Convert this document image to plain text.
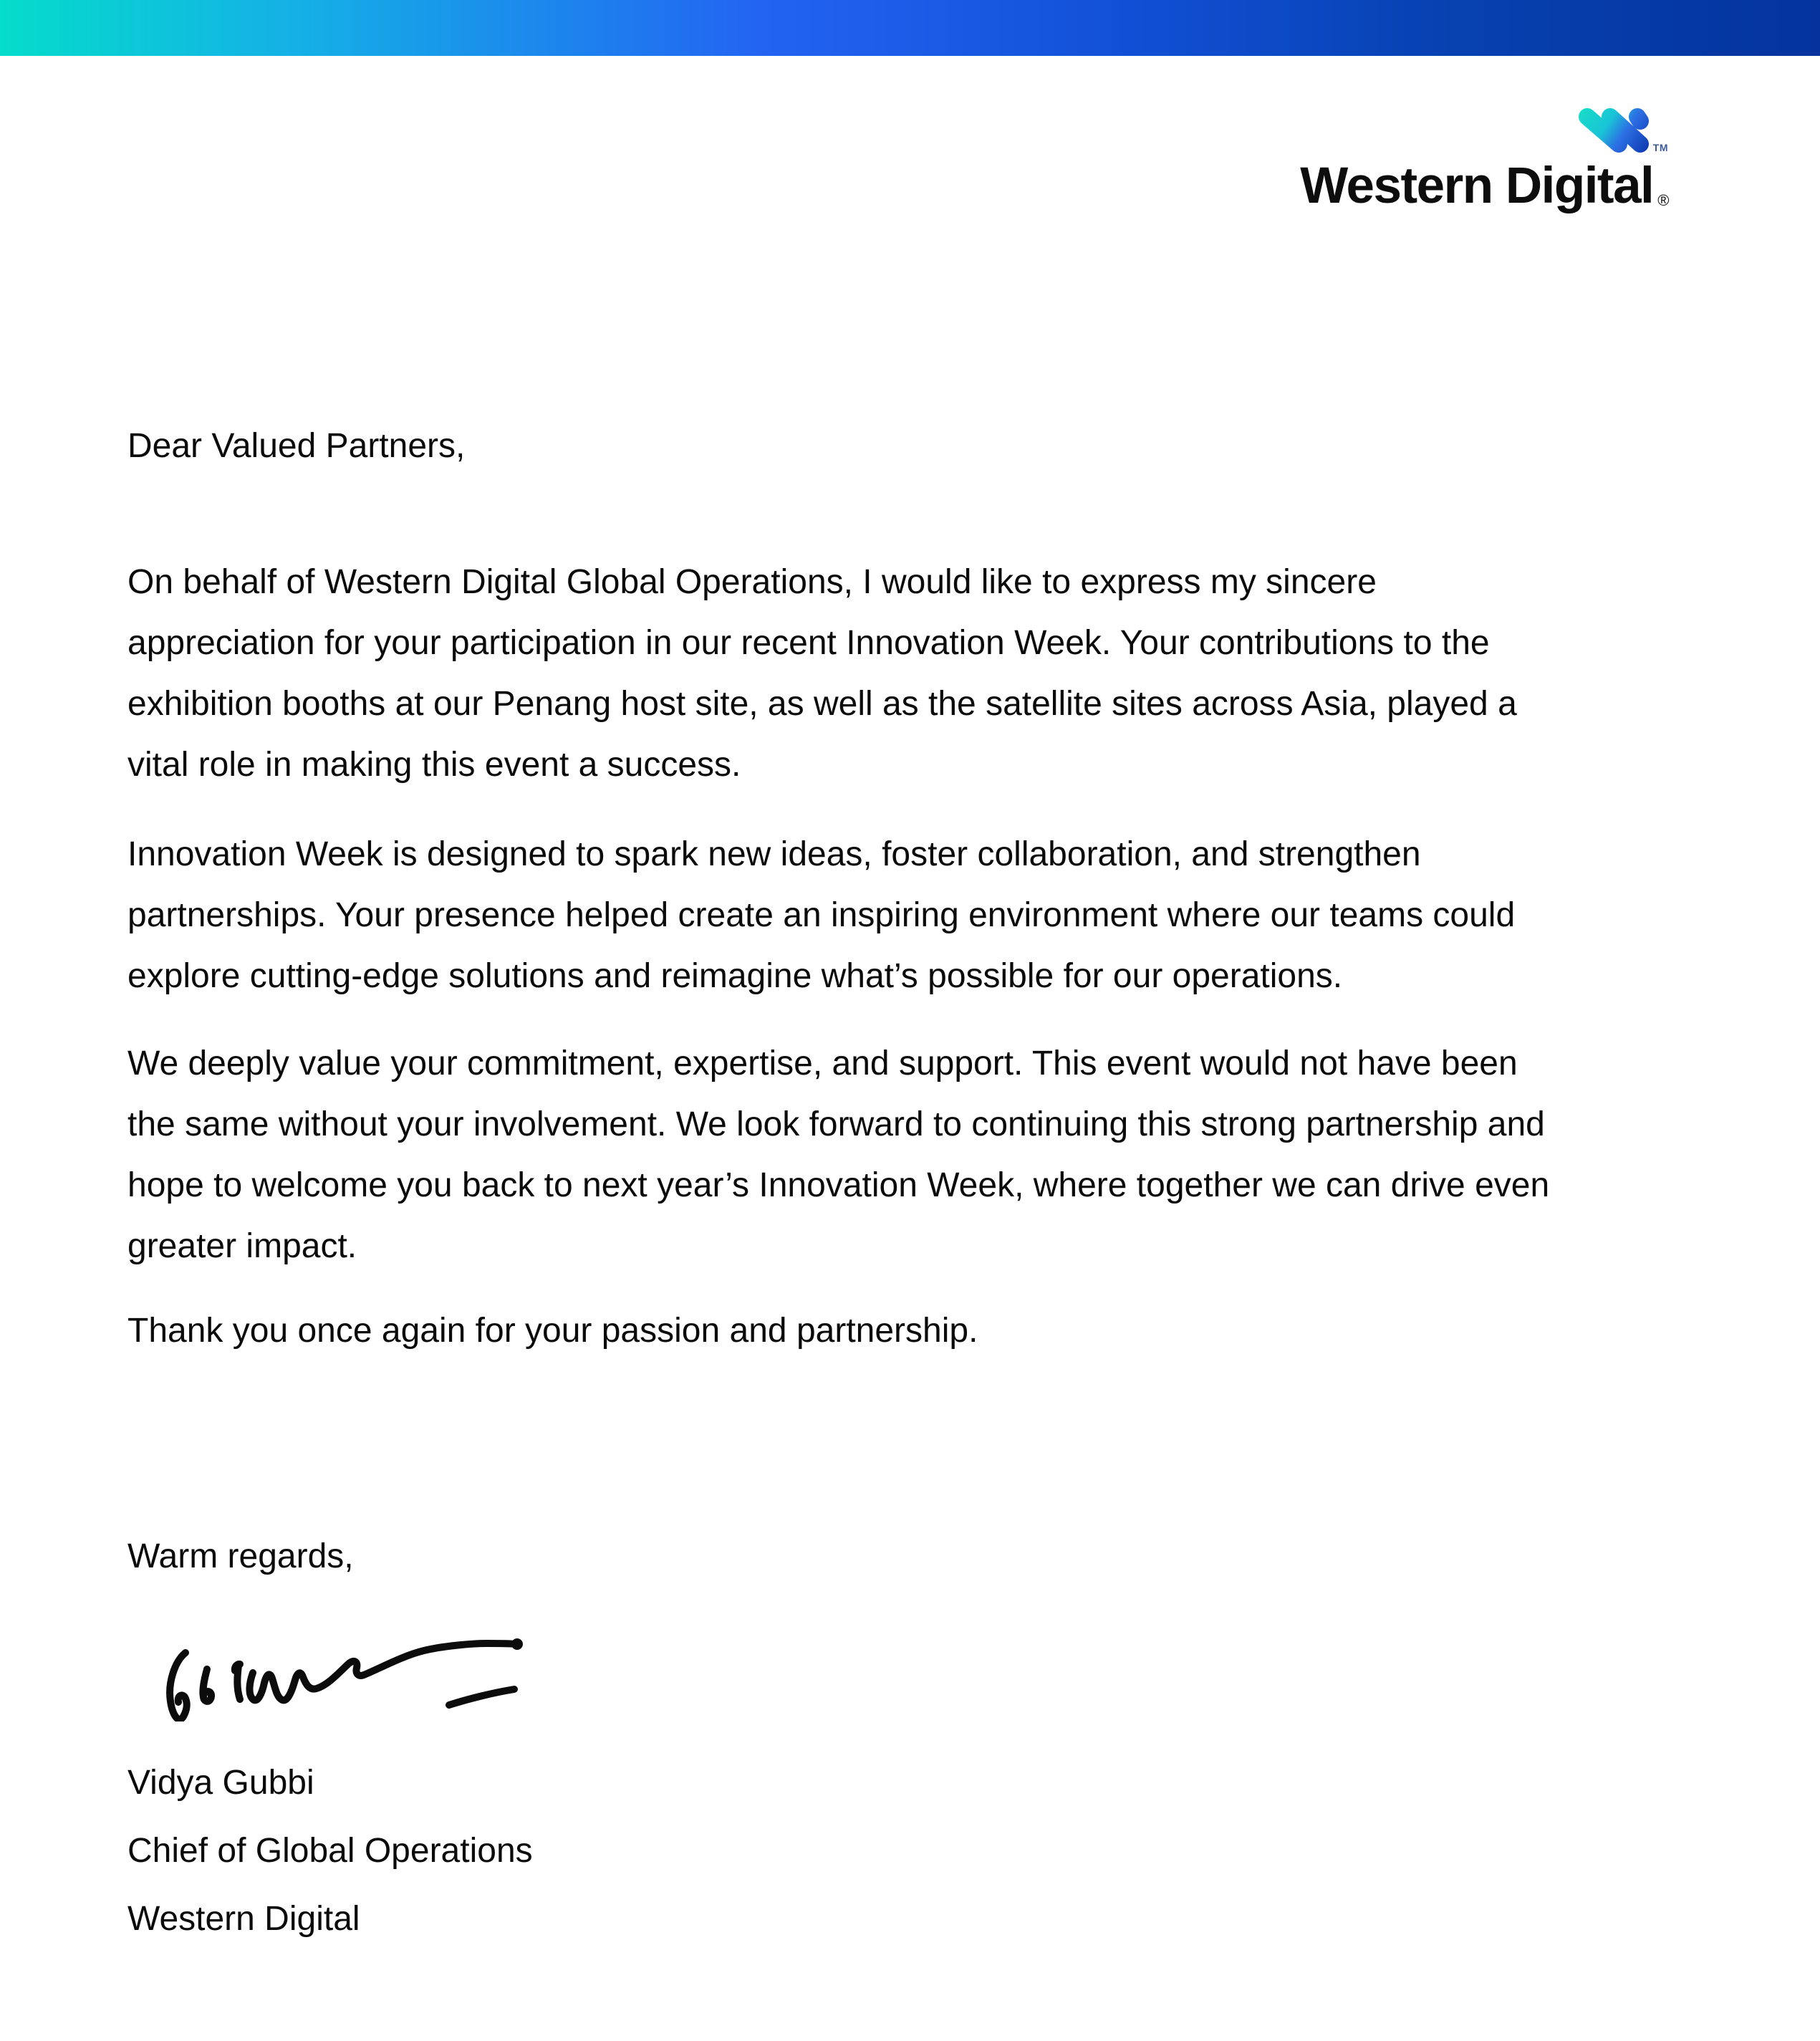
TM
Western Digital ®

Dear Valued Partners,

On behalf of Western Digital Global Operations, I would like to express my sincere
appreciation for your participation in our recent Innovation Week. Your contributions to the
exhibition booths at our Penang host site, as well as the satellite sites across Asia, played a
vital role in making this event a success.
Innovation Week is designed to spark new ideas, foster collaboration, and strengthen
partnerships. Your presence helped create an inspiring environment where our teams could
explore cutting-edge solutions and reimagine what’s possible for our operations.
We deeply value your commitment, expertise, and support. This event would not have been
the same without your involvement. We look forward to continuing this strong partnership and
hope to welcome you back to next year’s Innovation Week, where together we can drive even
greater impact.
Thank you once again for your passion and partnership.

Warm regards,

Vidya Gubbi
Chief of Global Operations
Western Digital
